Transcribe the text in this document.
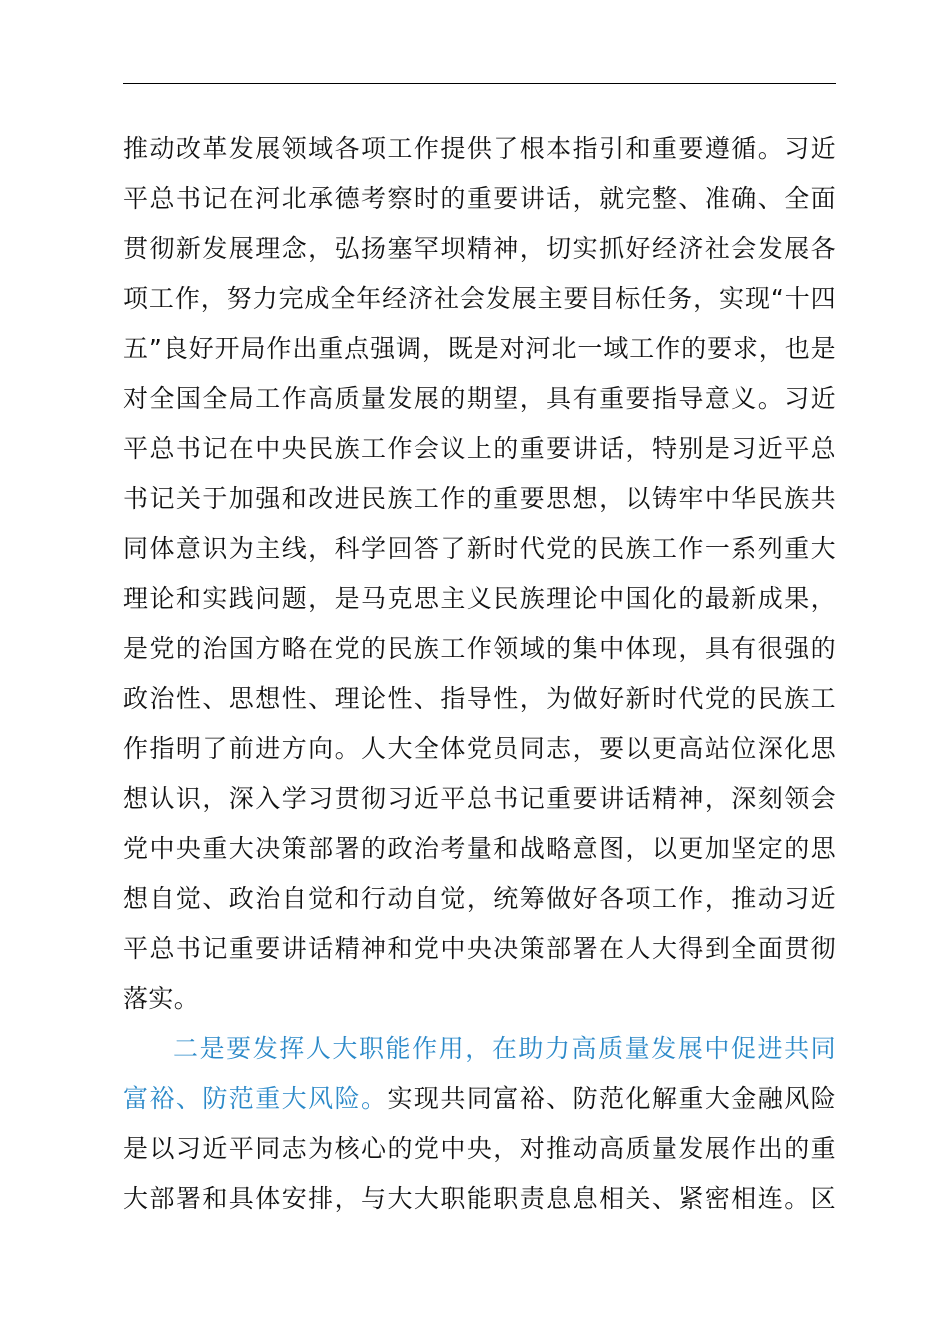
推动改革发展领域各项工作提供了根本指引和重要遵循。习近
平总书记在河北承德考察时的重要讲话，就完整、准确、全面
贯彻新发展理念，弘扬塞罕坝精神，切实抓好经济社会发展各
项工作，努力完成全年经济社会发展主要目标任务，实现“十四
五”良好开局作出重点强调，既是对河北一域工作的要求，也是
对全国全局工作高质量发展的期望，具有重要指导意义。习近
平总书记在中央民族工作会议上的重要讲话，特别是习近平总
书记关于加强和改进民族工作的重要思想，以铸牢中华民族共
同体意识为主线，科学回答了新时代党的民族工作一系列重大
理论和实践问题，是马克思主义民族理论中国化的最新成果，
是党的治国方略在党的民族工作领域的集中体现，具有很强的
政治性、思想性、理论性、指导性，为做好新时代党的民族工
作指明了前进方向。人大全体党员同志，要以更高站位深化思
想认识，深入学习贯彻习近平总书记重要讲话精神，深刻领会
党中央重大决策部署的政治考量和战略意图，以更加坚定的思
想自觉、政治自觉和行动自觉，统筹做好各项工作，推动习近
平总书记重要讲话精神和党中央决策部署在人大得到全面贯彻
落实。
二是要发挥人大职能作用，在助力高质量发展中促进共同
富裕、防范重大风险。实现共同富裕、防范化解重大金融风险
是以习近平同志为核心的党中央，对推动高质量发展作出的重
大部署和具体安排，与大大职能职责息息相关、紧密相连。区
